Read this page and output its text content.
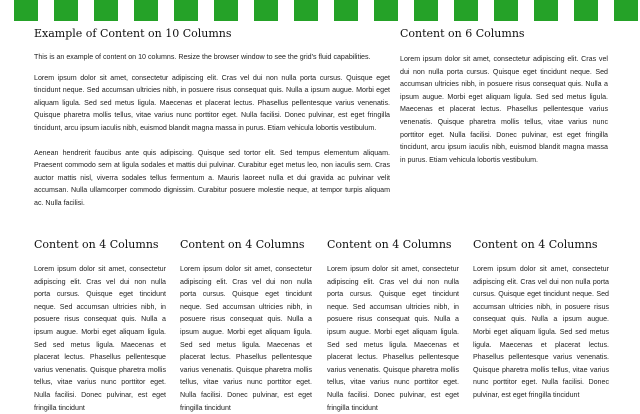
Example of Content on 10 Columns

This is an example of content on 10 columns. Resize the browser window to see the grid's fluid capabilities.

Lorem ipsum dolor sit amet, consectetur adipiscing elit. Cras vel dui non nulla porta cursus. Quisque eget tincidunt neque. Sed accumsan ultricies nibh, in posuere risus consequat quis. Nulla a ipsum augue. Morbi eget aliquam ligula. Sed sed metus ligula. Maecenas et placerat lectus. Phasellus pellentesque varius venenatis. Quisque pharetra mollis tellus, vitae varius nunc porttitor eget. Nulla facilisi. Donec pulvinar, est eget fringilla tincidunt, arcu ipsum iaculis nibh, euismod blandit magna massa in purus. Etiam vehicula lobortis vestibulum.

Aenean hendrerit faucibus ante quis adipiscing. Quisque sed tortor elit. Sed tempus elementum aliquam. Praesent commodo sem at ligula sodales et mattis dui pulvinar. Curabitur eget metus leo, non iaculis sem. Cras auctor mattis nisl, viverra sodales tellus fermentum a. Mauris laoreet nulla et dui gravida ac pulvinar velit accumsan. Nulla ullamcorper commodo dignissim. Curabitur posuere molestie neque, at tempor turpis aliquam ac. Nulla facilisi.

Content on 6 Columns

Lorem ipsum dolor sit amet, consectetur adipiscing elit. Cras vel dui non nulla porta cursus. Quisque eget tincidunt neque. Sed accumsan ultricies nibh, in posuere risus consequat quis. Nulla a ipsum augue. Morbi eget aliquam ligula. Sed sed metus ligula. Maecenas et placerat lectus. Phasellus pellentesque varius venenatis. Quisque pharetra mollis tellus, vitae varius nunc porttitor eget. Nulla facilisi. Donec pulvinar, est eget fringilla tincidunt, arcu ipsum iaculis nibh, euismod blandit magna massa in purus. Etiam vehicula lobortis vestibulum.

Content on 4 Columns

Lorem ipsum dolor sit amet, consectetur adipiscing elit. Cras vel dui non nulla porta cursus. Quisque eget tincidunt neque. Sed accumsan ultricies nibh, in posuere risus consequat quis. Nulla a ipsum augue. Morbi eget aliquam ligula. Sed sed metus ligula. Maecenas et placerat lectus. Phasellus pellentesque varius venenatis. Quisque pharetra mollis tellus, vitae varius nunc porttitor eget. Nulla facilisi. Donec pulvinar, est eget fringilla tincidunt

Content on 4 Columns

Lorem ipsum dolor sit amet, consectetur adipiscing elit. Cras vel dui non nulla porta cursus. Quisque eget tincidunt neque. Sed accumsan ultricies nibh, in posuere risus consequat quis. Nulla a ipsum augue. Morbi eget aliquam ligula. Sed sed metus ligula. Maecenas et placerat lectus. Phasellus pellentesque varius venenatis. Quisque pharetra mollis tellus, vitae varius nunc porttitor eget. Nulla facilisi. Donec pulvinar, est eget fringilla tincidunt

Content on 4 Columns

Lorem ipsum dolor sit amet, consectetur adipiscing elit. Cras vel dui non nulla porta cursus. Quisque eget tincidunt neque. Sed accumsan ultricies nibh, in posuere risus consequat quis. Nulla a ipsum augue. Morbi eget aliquam ligula. Sed sed metus ligula. Maecenas et placerat lectus. Phasellus pellentesque varius venenatis. Quisque pharetra mollis tellus, vitae varius nunc porttitor eget. Nulla facilisi. Donec pulvinar, est eget fringilla tincidunt

Content on 4 Columns

Lorem ipsum dolor sit amet, consectetur adipiscing elit. Cras vel dui non nulla porta cursus. Quisque eget tincidunt neque. Sed accumsan ultricies nibh, in posuere risus consequat quis. Nulla a ipsum augue. Morbi eget aliquam ligula. Sed sed metus ligula. Maecenas et placerat lectus. Phasellus pellentesque varius venenatis. Quisque pharetra mollis tellus, vitae varius nunc porttitor eget. Nulla facilisi. Donec pulvinar, est eget fringilla tincidunt
